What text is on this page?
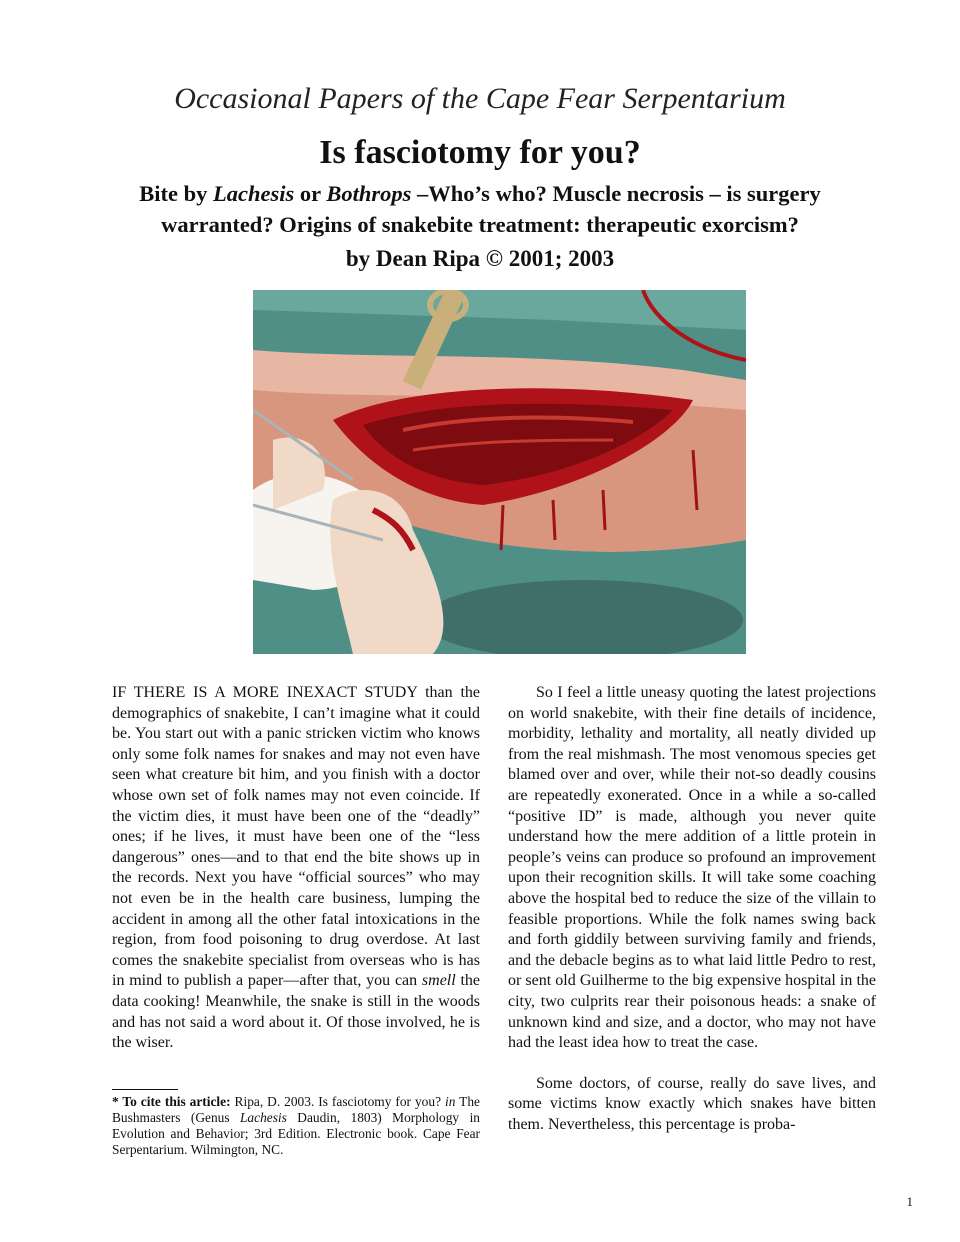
Occasional Papers of the Cape Fear Serpentarium
Is fasciotomy for you?
Bite by Lachesis or Bothrops –Who’s who? Muscle necrosis – is surgery warranted? Origins of snakebite treatment: therapeutic exorcism?
by Dean Ripa © 2001; 2003

IF THERE IS A MORE INEXACT STUDY than the demographics of snakebite, I can’t imagine what it could be. You start out with a panic stricken victim who knows only some folk names for snakes and may not even have seen what creature bit him, and you finish with a doctor whose own set of folk names may not even coincide. If the victim dies, it must have been one of the “deadly” ones; if he lives, it must have been one of the “less dangerous” ones—and to that end the bite shows up in the records. Next you have “official sources” who may not even be in the health care business, lumping the accident in among all the other fatal intoxications in the region, from food poisoning to drug overdose. At last comes the snakebite specialist from overseas who is has in mind to publish a paper—after that, you can smell the data cooking! Meanwhile, the snake is still in the woods and has not said a word about it. Of those involved, he is the wiser.

* To cite this article: Ripa, D. 2003. Is fasciotomy for you? in The Bushmasters (Genus Lachesis Daudin, 1803) Morphology in Evolution and Behavior; 3rd Edition. Electronic book. Cape Fear Serpentarium. Wilmington, NC.

So I feel a little uneasy quoting the latest projections on world snakebite, with their fine details of incidence, morbidity, lethality and mortality, all neatly divided up from the real mishmash. The most venomous species get blamed over and over, while their not-so deadly cousins are repeatedly exonerated. Once in a while a so-called “positive ID” is made, although you never quite understand how the mere addition of a little protein in people’s veins can produce so profound an improvement upon their recognition skills. It will take some coaching above the hospital bed to reduce the size of the villain to feasible proportions. While the folk names swing back and forth giddily between surviving family and friends, and the debacle begins as to what laid little Pedro to rest, or sent old Guilherme to the big expensive hospital in the city, two culprits rear their poisonous heads: a snake of unknown kind and size, and a doctor, who may not have had the least idea how to treat the case.

Some doctors, of course, really do save lives, and some victims know exactly which snakes have bitten them. Nevertheless, this percentage is proba-

1
